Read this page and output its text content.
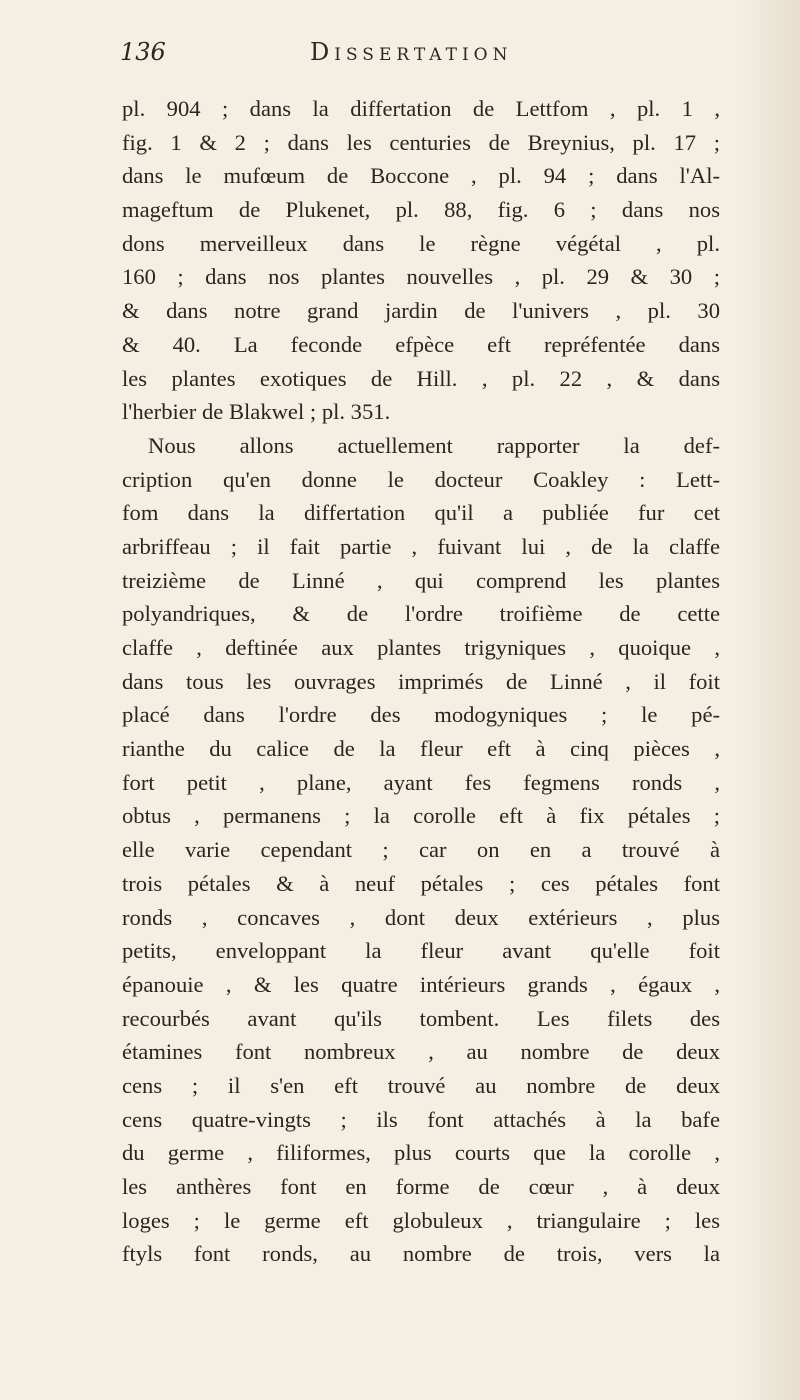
136	Dissertation
pl. 904 ; dans la differtation de Lettfom , pl. 1 ,
fig. 1 & 2 ; dans les centuries de Breynius, pl. 17 ;
dans le mufœum de Boccone , pl. 94 ; dans l'Al-
mageftum de Plukenet, pl. 88, fig. 6 ; dans nos
dons merveilleux dans le règne végétal , pl.
160 ; dans nos plantes nouvelles , pl. 29 & 30 ;
& dans notre grand jardin de l'univers , pl. 30
& 40. La feconde efpèce eft repréfentée dans
les plantes exotiques de Hill. , pl. 22 , & dans
l'herbier de Blakwel ; pl. 351.
Nous allons actuellement rapporter la def-
cription qu'en donne le docteur Coakley : Lett-
fom dans la differtation qu'il a publiée fur cet
arbriffeau ; il fait partie , fuivant lui , de la claffe
treizième de Linné , qui comprend les plantes
polyandriques, & de l'ordre troifième de cette
claffe , deftinée aux plantes trigyniques , quoique ,
dans tous les ouvrages imprimés de Linné , il foit
placé dans l'ordre des modogyniques ; le pé-
rianthe du calice de la fleur eft à cinq pièces ,
fort petit , plane, ayant fes fegmens ronds ,
obtus , permanens ; la corolle eft à fix pétales ;
elle varie cependant ; car on en a trouvé à
trois pétales & à neuf pétales ; ces pétales font
ronds , concaves , dont deux extérieurs , plus
petits, enveloppant la fleur avant qu'elle foit
épanouie , & les quatre intérieurs grands , égaux ,
recourbés avant qu'ils tombent. Les filets des
étamines font nombreux , au nombre de deux
cens ; il s'en eft trouvé au nombre de deux
cens quatre-vingts ; ils font attachés à la bafe
du germe , filiformes, plus courts que la corolle ,
les anthères font en forme de cœur , à deux
loges ; le germe eft globuleux , triangulaire ; les
ftyls font ronds, au nombre de trois, vers la
